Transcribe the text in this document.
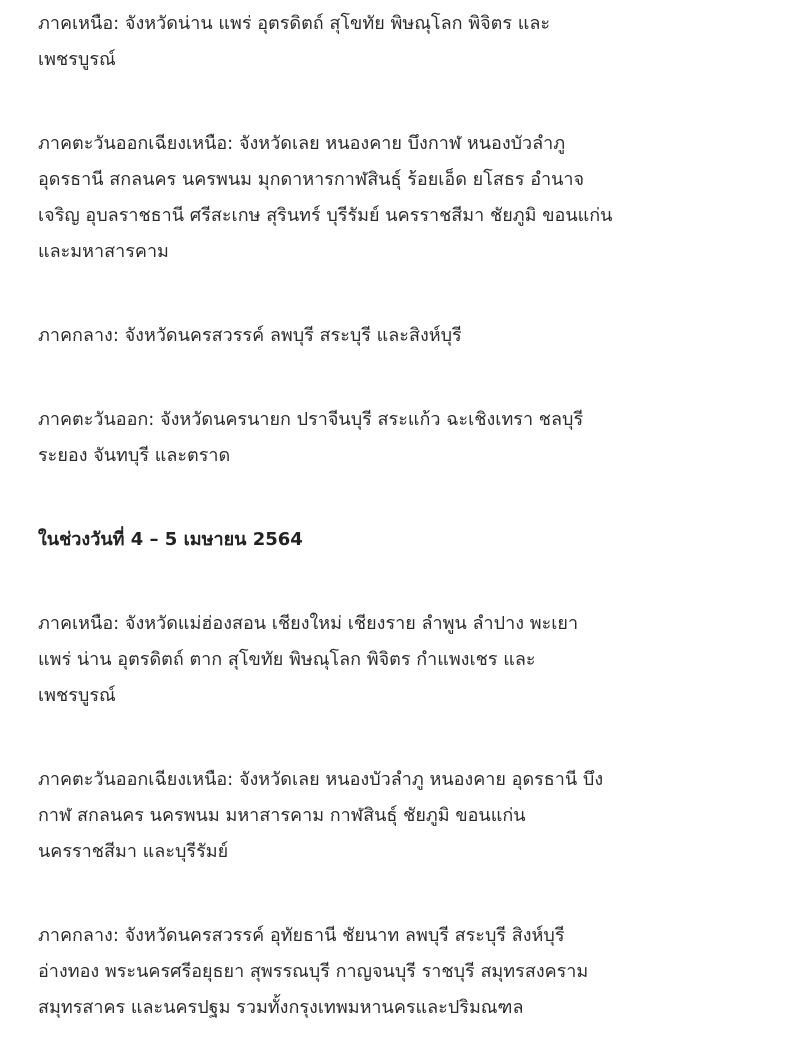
ภาคเหนือ: จังหวัดน่าน แพร่ อุตรดิตถ์ สุโขทัย พิษณุโลก พิจิตร และ
เพชรบูรณ์

ภาคตะวันออกเฉียงเหนือ: จังหวัดเลย หนองคาย บึงกาฬ หนองบัวลำภู
อุดรธานี สกลนคร นครพนม มุกดาหารกาฬสินธุ์ ร้อยเอ็ด ยโสธร อำนาจ
เจริญ อุบลราชธานี ศรีสะเกษ สุรินทร์ บุรีรัมย์ นครราชสีมา ชัยภูมิ ขอนแก่น
และมหาสารคาม

ภาคกลาง: จังหวัดนครสวรรค์ ลพบุรี สระบุรี และสิงห์บุรี

ภาคตะวันออก: จังหวัดนครนายก ปราจีนบุรี สระแก้ว ฉะเชิงเทรา ชลบุรี
ระยอง จันทบุรี และตราด

ในช่วงวันที่ 4 – 5 เมษายน 2564

ภาคเหนือ: จังหวัดแม่ฮ่องสอน เชียงใหม่ เชียงราย ลำพูน ลำปาง พะเยา
แพร่ น่าน อุตรดิตถ์ ตาก สุโขทัย พิษณุโลก พิจิตร กำแพงเชร และ
เพชรบูรณ์

ภาคตะวันออกเฉียงเหนือ: จังหวัดเลย หนองบัวลำภู หนองคาย อุดรธานี บึง
กาฬ สกลนคร นครพนม มหาสารคาม กาฬสินธุ์ ชัยภูมิ ขอนแก่น
นครราชสีมา และบุรีรัมย์

ภาคกลาง: จังหวัดนครสวรรค์ อุทัยธานี ชัยนาท ลพบุรี สระบุรี สิงห์บุรี
อ่างทอง พระนครศรีอยุธยา สุพรรณบุรี กาญจนบุรี ราชบุรี สมุทรสงคราม
สมุทรสาคร และนครปฐม รวมทั้งกรุงเทพมหานครและปริมณฑล
